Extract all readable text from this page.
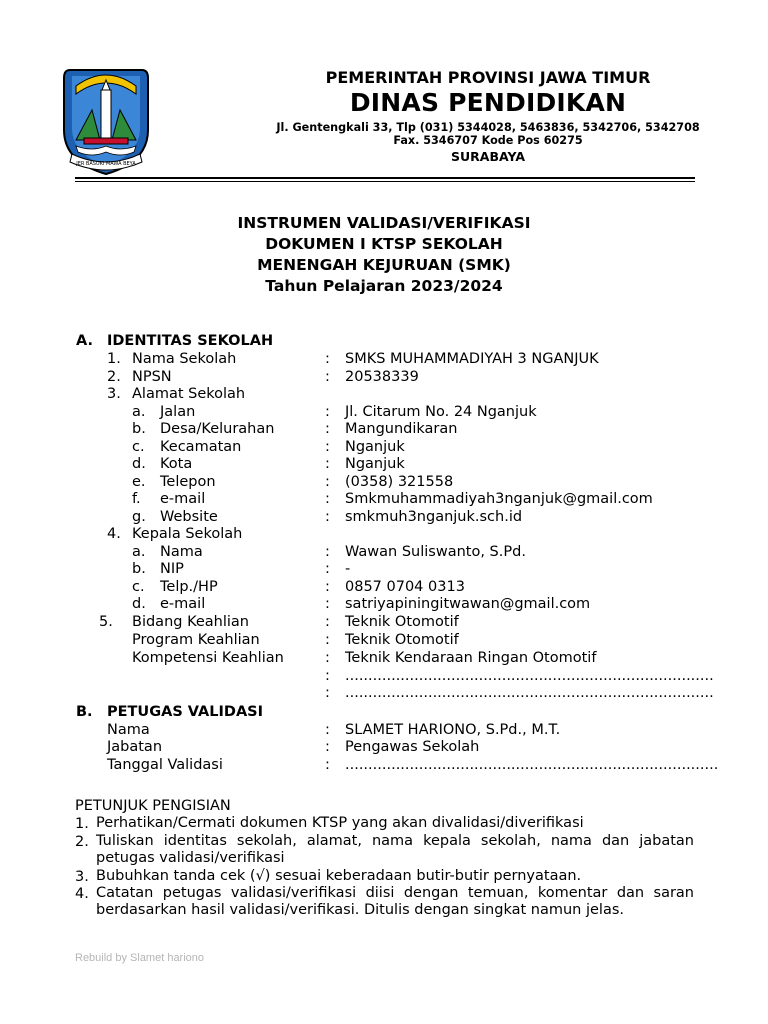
JER BASUKI MAWA BEYA
PEMERINTAH PROVINSI JAWA TIMUR
DINAS PENDIDIKAN
Jl. Gentengkali 33, Tlp (031) 5344028, 5463836, 5342706, 5342708
Fax. 5346707 Kode Pos 60275
SURABAYA
INSTRUMEN VALIDASI/VERIFIKASI
DOKUMEN I KTSP SEKOLAH
MENENGAH KEJURUAN (SMK)
Tahun Pelajaran 2023/2024
A. IDENTITAS SEKOLAH
1. Nama Sekolah	: SMKS MUHAMMADIYAH 3 NGANJUK
2. NPSN	: 20538339
3. Alamat Sekolah
a. Jalan	: Jl. Citarum No. 24 Nganjuk
b. Desa/Kelurahan	: Mangundikaran
c. Kecamatan	: Nganjuk
d. Kota	: Nganjuk
e. Telepon	: (0358) 321558
f. e-mail	: Smkmuhammadiyah3nganjuk@gmail.com
g. Website	: smkmuh3nganjuk.sch.id
4. Kepala Sekolah
a. Nama	: Wawan Suliswanto, S.Pd.
b. NIP	: -
c. Telp./HP	: 0857 0704 0313
d. e-mail	: satriyapiningitwawan@gmail.com
5. Bidang Keahlian	: Teknik Otomotif
Program Keahlian	: Teknik Otomotif
Kompetensi Keahlian	: Teknik Kendaraan Ringan Otomotif
: ................................................................................
: ................................................................................
B. PETUGAS VALIDASI
Nama	: SLAMET HARIONO, S.Pd., M.T.
Jabatan	: Pengawas Sekolah
Tanggal Validasi	: .................................................................................
PETUNJUK PENGISIAN
1. Perhatikan/Cermati dokumen KTSP yang akan divalidasi/diverifikasi
2. Tuliskan identitas sekolah, alamat, nama kepala sekolah, nama dan jabatan petugas validasi/verifikasi
3. Bubuhkan tanda cek (√) sesuai keberadaan butir-butir pernyataan.
4. Catatan petugas validasi/verifikasi diisi dengan temuan, komentar dan saran berdasarkan hasil validasi/verifikasi. Ditulis dengan singkat namun jelas.
Rebuild by Slamet hariono
